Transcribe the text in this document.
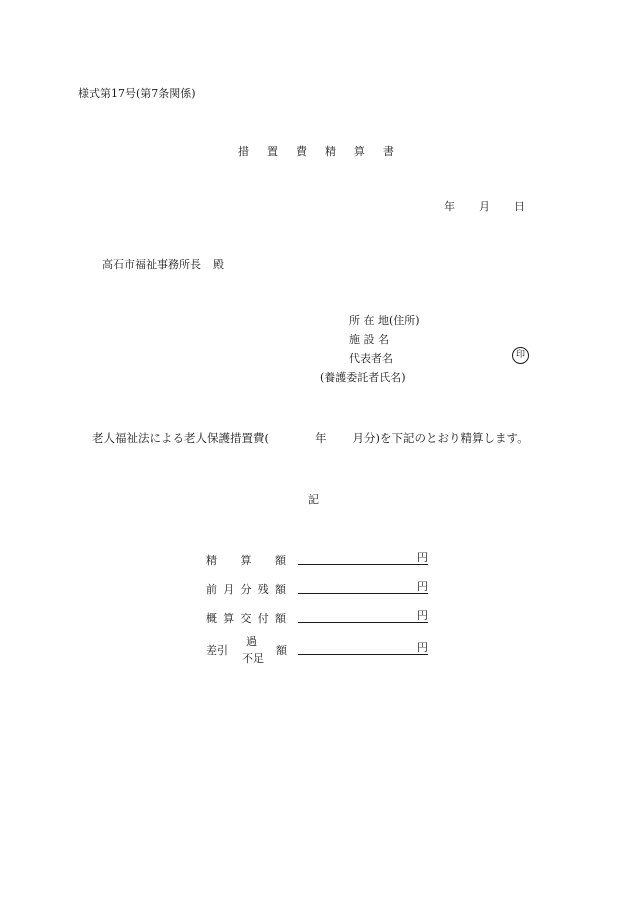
様式第17号(第7条関係)
措 置 費 精 算 書
年 月 日
高石市福祉事務所長 殿
所 在 地(住所)
施 設 名
代表者名	印
(養護委託者氏名)
老人福祉法による老人保護措置費(	年 月分)を下記のとおり精算します。
記
精 算 額	円
前 月 分 残 額	円
概 算 交 付 額	円
差引
過
不足
額	円
